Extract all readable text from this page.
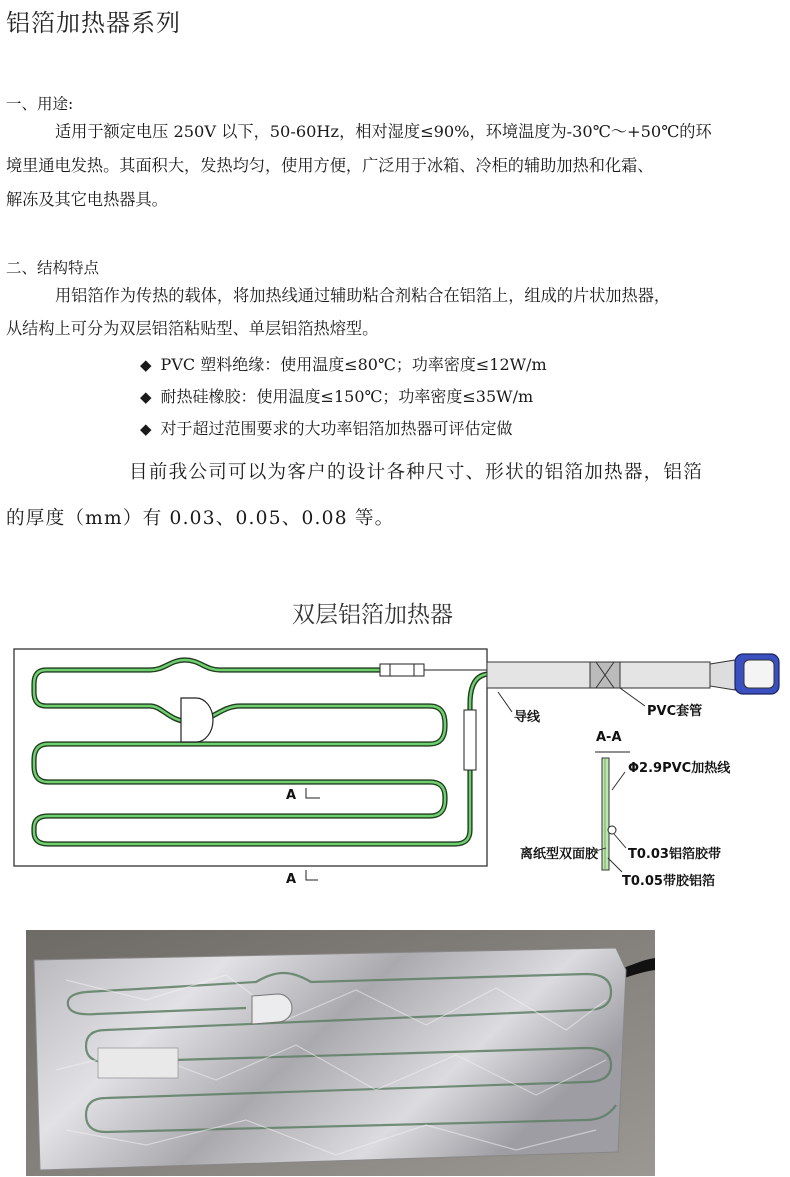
铝箔加热器系列
一、用途:
适用于额定电压 250V 以下，50-60Hz，相对湿度≤90%，环境温度为-30℃～+50℃的环
境里通电发热。其面积大，发热均匀，使用方便，广泛用于冰箱、冷柜的辅助加热和化霜、
解冻及其它电热器具。
二、结构特点
用铝箔作为传热的载体，将加热线通过辅助粘合剂粘合在铝箔上，组成的片状加热器，
从结构上可分为双层铝箔粘贴型、单层铝箔热熔型。
◆ PVC 塑料绝缘：使用温度≤80℃；功率密度≤12W/m
◆ 耐热硅橡胶：使用温度≤150℃；功率密度≤35W/m
◆ 对于超过范围要求的大功率铝箔加热器可评估定做
目前我公司可以为客户的设计各种尺寸、形状的铝箔加热器，铝箔
的厚度（mm）有 0.03、0.05、0.08 等。
双层铝箔加热器
A
A
导线	PVC套管
A-A
Φ2.9PVC加热线
离纸型双面胶 T0.03铝箔胶带
T0.05带胶铝箔
